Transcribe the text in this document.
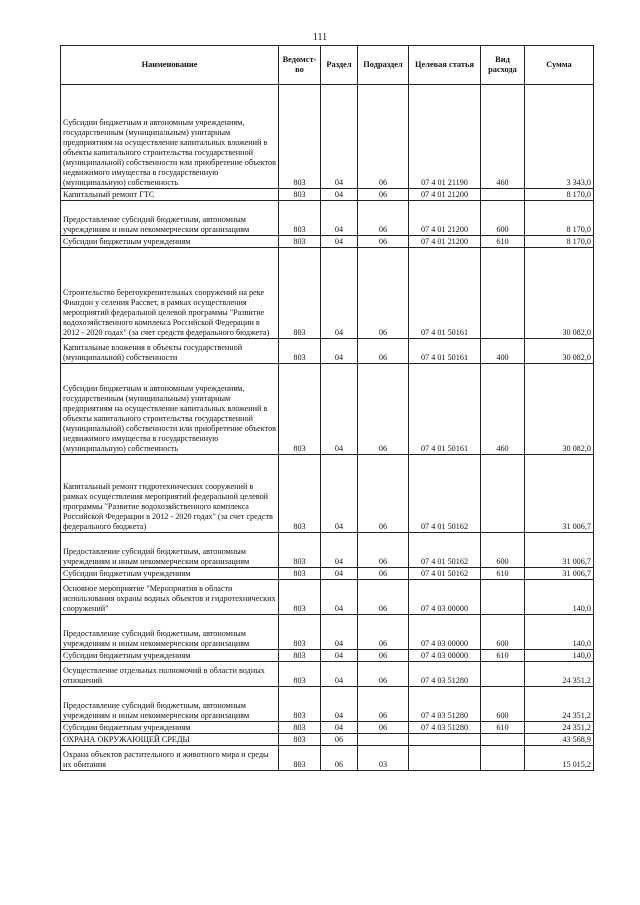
111
Наименование	Ведомст-во	Раздел	Подраздел	Целевая статья	Вид расхода	Сумма
Субсидии бюджетным и автономным учреждениям, государственным (муниципальным) унитарным предприятиям на осуществление капитальных вложений в объекты капитального строительства государственной (муниципальной) собственности или приобретение объектов недвижимого имущества в государственную (муниципальную) собственность	803	04	06	07 4 01 21190	460	3 343,0
Капитальный ремонт ГТС	803	04	06	07 4 01 21200		8 170,0
Предоставление субсидий бюджетным, автономным учреждениям и иным некоммерческим организациям	803	04	06	07 4 01 21200	600	8 170,0
Субсидии бюджетным учреждениям	803	04	06	07 4 01 21200	610	8 170,0
Строительство берегоукрепительных сооружений на реке Фиагдон у селения Рассвет, в рамках осуществления мероприятий федеральной целевой программы "Развитие водохозяйственного комплекса Российской Федерации в 2012 - 2020 годах" (за счет средств федерального бюджета)	803	04	06	07 4 01 50161		30 082,0
Капитальные вложения в объекты государственной (муниципальной) собственности	803	04	06	07 4 01 50161	400	30 082,0
Субсидии бюджетным и автономным учреждениям, государственным (муниципальным) унитарным предприятиям на осуществление капитальных вложений в объекты капитального строительства государственной (муниципальной) собственности или приобретение объектов недвижимого имущества в государственную (муниципальную) собственность	803	04	06	07 4 01 50161	460	30 082,0
Капитальный ремонт гидротехнических сооружений в рамках осуществления мероприятий федеральной целевой программы "Развитие водохозяйственного комплекса Российской Федерации в 2012 - 2020 годах" (за счет средств федерального бюджета)	803	04	06	07 4 01 50162		31 006,7
Предоставление субсидий бюджетным, автономным учреждениям и иным некоммерческим организациям	803	04	06	07 4 01 50162	600	31 006,7
Субсидии бюджетным учреждениям	803	04	06	07 4 01 50162	610	31 006,7
Основное мероприятие "Мероприятия в области использования охраны водных объектов и гидротехнических сооружений"	803	04	06	07 4 03 00000		140,0
Предоставление субсидий бюджетным, автономным учреждениям и иным некоммерческим организациям	803	04	06	07 4 03 00000	600	140,0
Субсидии бюджетным учреждениям	803	04	06	07 4 03 00000	610	140,0
Осуществление отдельных полномочий в области водных отношений	803	04	06	07 4 03 51280		24 351,2
Предоставление субсидий бюджетным, автономным учреждениям и иным некоммерческим организациям	803	04	06	07 4 03 51280	600	24 351,2
Субсидии бюджетным учреждениям	803	04	06	07 4 03 51280	610	24 351,2
ОХРАНА ОКРУЖАЮЩЕЙ СРЕДЫ	803	06				43 568,9
Охрана объектов растительного и животного мира и среды их обитания	803	06	03			15 015,2
